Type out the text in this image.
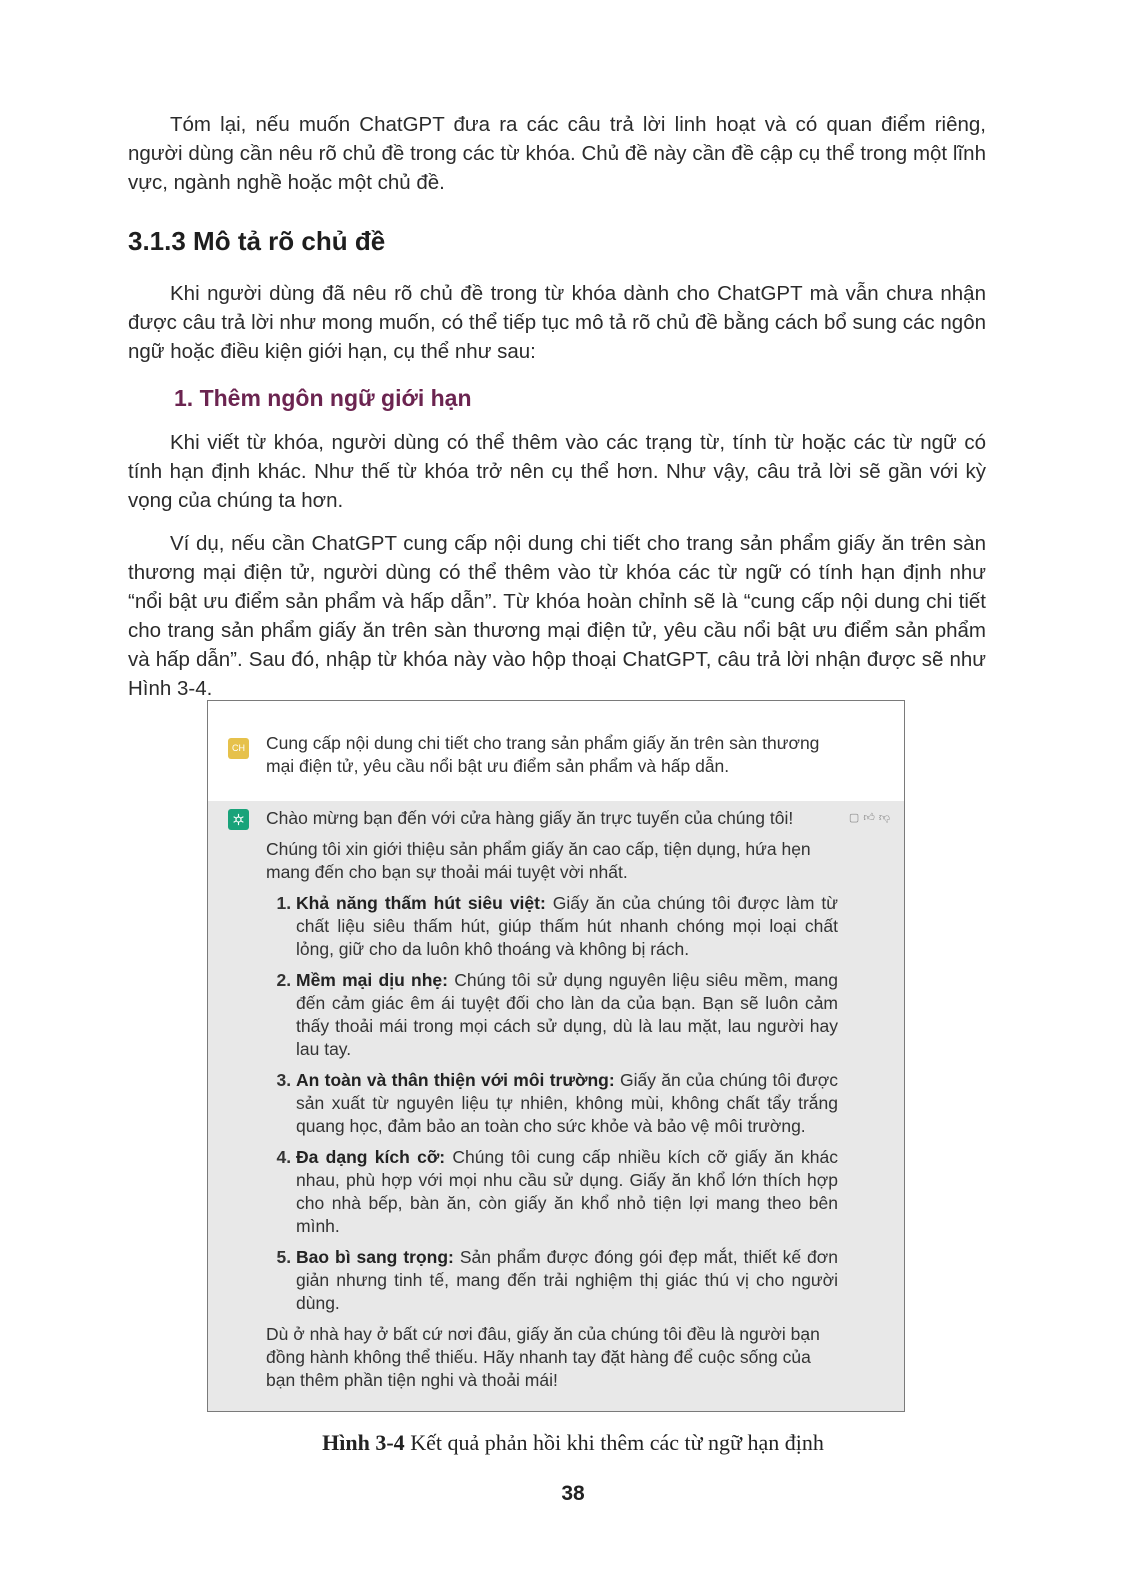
Tóm lại, nếu muốn ChatGPT đưa ra các câu trả lời linh hoạt và có quan điểm riêng, người dùng cần nêu rõ chủ đề trong các từ khóa. Chủ đề này cần đề cập cụ thể trong một lĩnh vực, ngành nghề hoặc một chủ đề.

3.1.3 Mô tả rõ chủ đề

Khi người dùng đã nêu rõ chủ đề trong từ khóa dành cho ChatGPT mà vẫn chưa nhận được câu trả lời như mong muốn, có thể tiếp tục mô tả rõ chủ đề bằng cách bổ sung các ngôn ngữ hoặc điều kiện giới hạn, cụ thể như sau:

1. Thêm ngôn ngữ giới hạn

Khi viết từ khóa, người dùng có thể thêm vào các trạng từ, tính từ hoặc các từ ngữ có tính hạn định khác. Như thế từ khóa trở nên cụ thể hơn. Như vậy, câu trả lời sẽ gần với kỳ vọng của chúng ta hơn.

Ví dụ, nếu cần ChatGPT cung cấp nội dung chi tiết cho trang sản phẩm giấy ăn trên sàn thương mại điện tử, người dùng có thể thêm vào từ khóa các từ ngữ có tính hạn định như “nổi bật ưu điểm sản phẩm và hấp dẫn”. Từ khóa hoàn chỉnh sẽ là “cung cấp nội dung chi tiết cho trang sản phẩm giấy ăn trên sàn thương mại điện tử, yêu cầu nổi bật ưu điểm sản phẩm và hấp dẫn”. Sau đó, nhập từ khóa này vào hộp thoại ChatGPT, câu trả lời nhận được sẽ như Hình 3-4.

CH Cung cấp nội dung chi tiết cho trang sản phẩm giấy ăn trên sàn thương mại điện tử, yêu cầu nổi bật ưu điểm sản phẩm và hấp dẫn.

▢ 👍︎ 👎︎

Chào mừng bạn đến với cửa hàng giấy ăn trực tuyến của chúng tôi!

Chúng tôi xin giới thiệu sản phẩm giấy ăn cao cấp, tiện dụng, hứa hẹn mang đến cho bạn sự thoải mái tuyệt vời nhất.

1. Khả năng thấm hút siêu việt: Giấy ăn của chúng tôi được làm từ chất liệu siêu thấm hút, giúp thấm hút nhanh chóng mọi loại chất lỏng, giữ cho da luôn khô thoáng và không bị rách.
2. Mềm mại dịu nhẹ: Chúng tôi sử dụng nguyên liệu siêu mềm, mang đến cảm giác êm ái tuyệt đối cho làn da của bạn. Bạn sẽ luôn cảm thấy thoải mái trong mọi cách sử dụng, dù là lau mặt, lau người hay lau tay.
3. An toàn và thân thiện với môi trường: Giấy ăn của chúng tôi được sản xuất từ nguyên liệu tự nhiên, không mùi, không chất tẩy trắng quang học, đảm bảo an toàn cho sức khỏe và bảo vệ môi trường.
4. Đa dạng kích cỡ: Chúng tôi cung cấp nhiều kích cỡ giấy ăn khác nhau, phù hợp với mọi nhu cầu sử dụng. Giấy ăn khổ lớn thích hợp cho nhà bếp, bàn ăn, còn giấy ăn khổ nhỏ tiện lợi mang theo bên mình.
5. Bao bì sang trọng: Sản phẩm được đóng gói đẹp mắt, thiết kế đơn giản nhưng tinh tế, mang đến trải nghiệm thị giác thú vị cho người dùng.

Dù ở nhà hay ở bất cứ nơi đâu, giấy ăn của chúng tôi đều là người bạn đồng hành không thể thiếu. Hãy nhanh tay đặt hàng để cuộc sống của bạn thêm phần tiện nghi và thoải mái!

Hình 3-4 Kết quả phản hồi khi thêm các từ ngữ hạn định

38
